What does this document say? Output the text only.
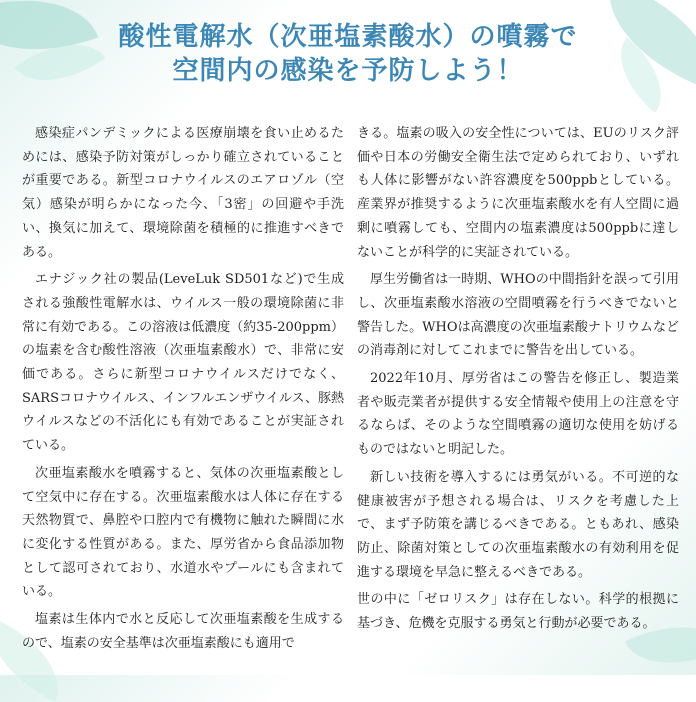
酸性電解水（次亜塩素酸水）の噴霧で
空間内の感染を予防しよう！

感染症パンデミックによる医療崩壊を食い止めるためには、感染予防対策がしっかり確立されていることが重要である。新型コロナウイルスのエアロゾル（空気）感染が明らかになった今、「3密」の回避や手洗い、換気に加えて、環境除菌を積極的に推進すべきである。

エナジック社の製品(LeveLuk SD501など)で生成される強酸性電解水は、ウイルス一般の環境除菌に非常に有効である。この溶液は低濃度（約35-200ppm）の塩素を含む酸性溶液（次亜塩素酸水）で、非常に安価である。さらに新型コロナウイルスだけでなく、SARSコロナウイルス、インフルエンザウイルス、豚熱ウイルスなどの不活化にも有効であることが実証されている。

次亜塩素酸水を噴霧すると、気体の次亜塩素酸として空気中に存在する。次亜塩素酸水は人体に存在する天然物質で、鼻腔や口腔内で有機物に触れた瞬間に水に変化する性質がある。また、厚労省から食品添加物として認可されており、水道水やプールにも含まれている。

塩素は生体内で水と反応して次亜塩素酸を生成するので、塩素の安全基準は次亜塩素酸にも適用で

きる。塩素の吸入の安全性については、EUのリスク評価や日本の労働安全衛生法で定められており、いずれも人体に影響がない許容濃度を500ppbとしている。産業界が推奨するように次亜塩素酸水を有人空間に過剰に噴霧しても、空間内の塩素濃度は500ppbに達しないことが科学的に実証されている。

厚生労働省は一時期、WHOの中間指針を誤って引用し、次亜塩素酸水溶液の空間噴霧を行うべきでないと警告した。WHOは高濃度の次亜塩素酸ナトリウムなどの消毒剤に対してこれまでに警告を出している。

2022年10月、厚労省はこの警告を修正し、製造業者や販売業者が提供する安全情報や使用上の注意を守るならば、そのような空間噴霧の適切な使用を妨げるものではないと明記した。

新しい技術を導入するには勇気がいる。不可逆的な健康被害が予想される場合は、リスクを考慮した上で、まず予防策を講じるべきである。ともあれ、感染防止、除菌対策としての次亜塩素酸水の有効利用を促進する環境を早急に整えるべきである。

世の中に「ゼロリスク」は存在しない。科学的根拠に基づき、危機を克服する勇気と行動が必要である。
